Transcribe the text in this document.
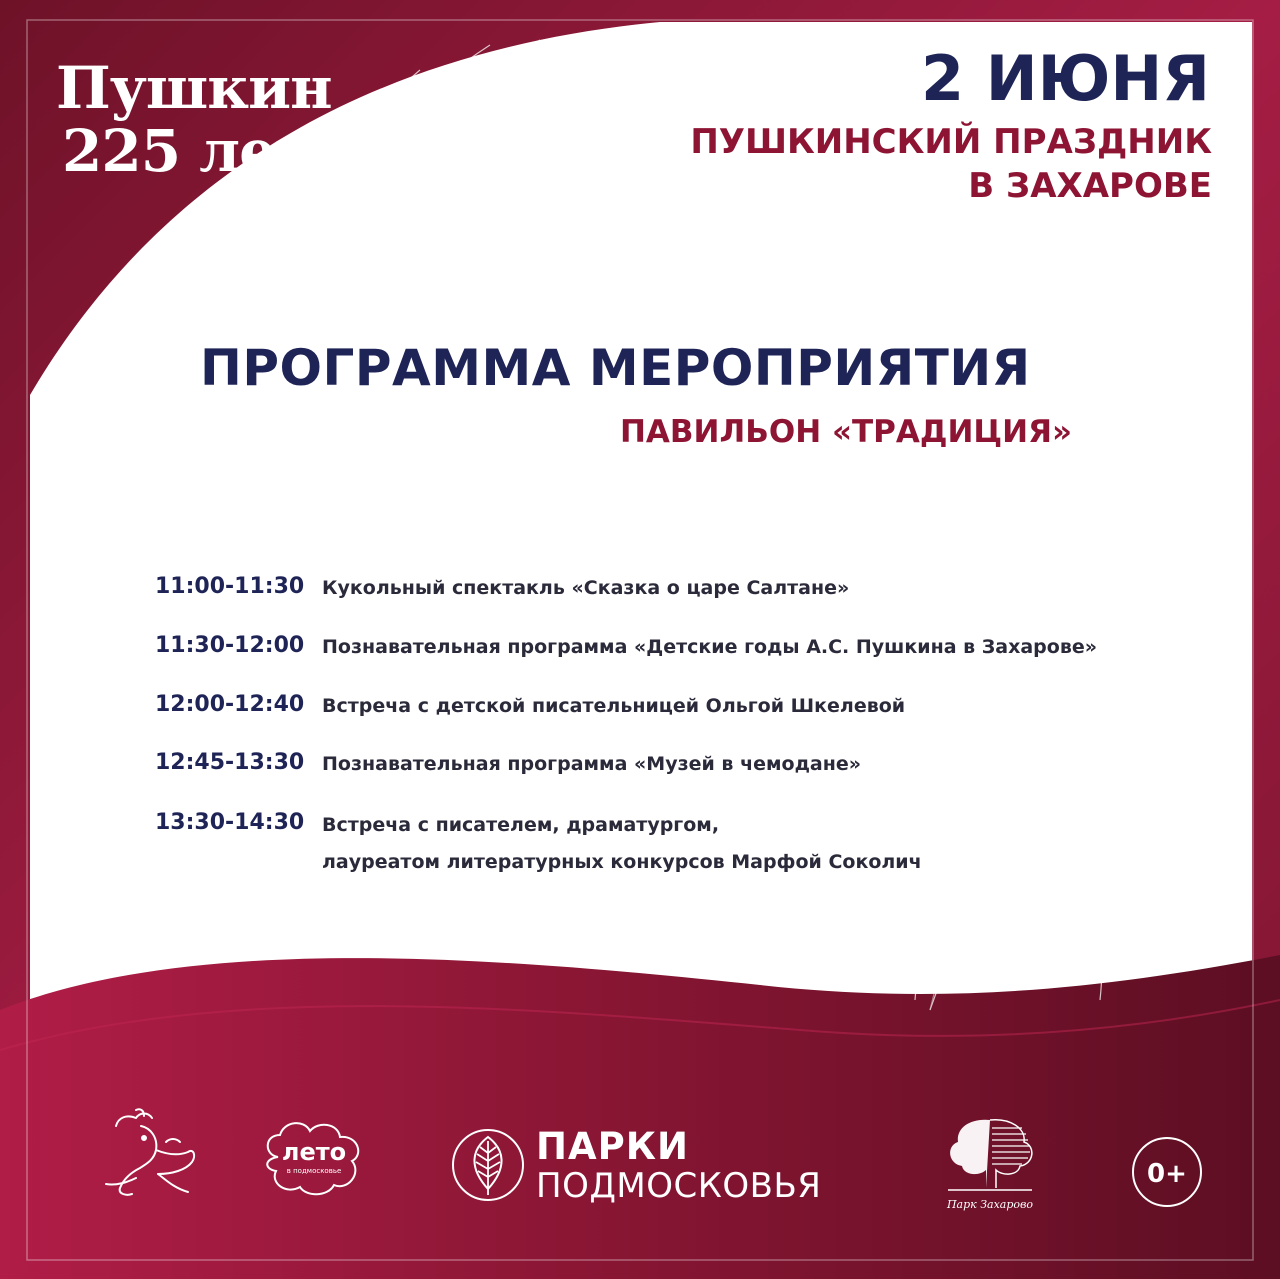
Пушкин

225 лет

2 ИЮНЯ

ПУШКИНСКИЙ ПРАЗДНИК

В ЗАХАРОВЕ

ПРОГРАММА МЕРОПРИЯТИЯ

ПАВИЛЬОН «ТРАДИЦИЯ»

11:00-11:30 Кукольный спектакль «Сказка о царе Салтане»

11:30-12:00 Познавательная программа «Детские годы А.С. Пушкина в Захарове»

12:00-12:40 Встреча с детской писательницей Ольгой Шкелевой

12:45-13:30 Познавательная программа «Музей в чемодане»

13:30-14:30 Встреча с писателем, драматургом,

лауреатом литературных конкурсов Марфой Соколич

лето

в подмосковье

ПАРКИ

ПОДМОСКОВЬЯ	Парк Захарово

0+
